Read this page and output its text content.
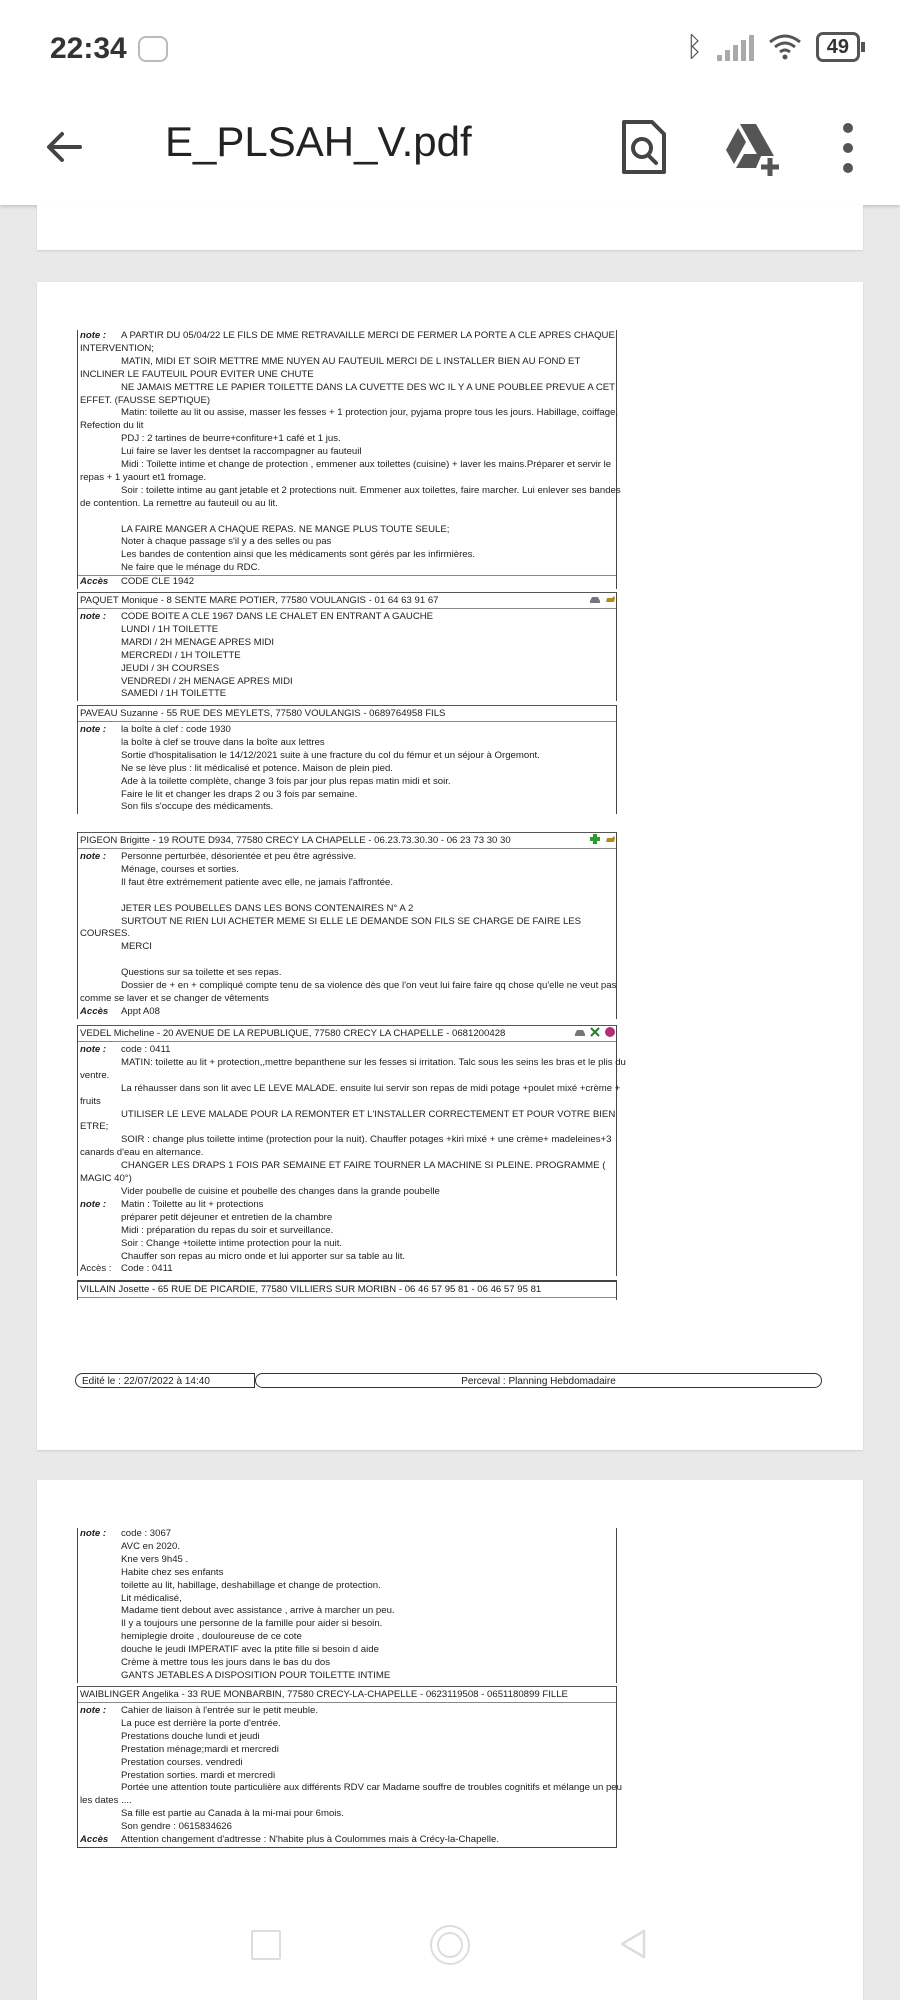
22:34	ᛒ	49
E_PLSAH_V.pdf
note : A PARTIR DU 05/04/22 LE FILS DE MME RETRAVAILLE MERCI DE FERMER LA PORTE A CLE APRES CHAQUE
INTERVENTION;
MATIN, MIDI ET SOIR METTRE MME NUYEN AU FAUTEUIL MERCI DE L INSTALLER BIEN AU FOND ET
INCLINER LE FAUTEUIL POUR EVITER UNE CHUTE
NE JAMAIS METTRE LE PAPIER TOILETTE DANS LA CUVETTE DES WC IL Y A UNE POUBLEE PREVUE A CET
EFFET. (FAUSSE SEPTIQUE)
Matin: toilette au lit ou assise, masser les fesses + 1 protection jour, pyjama propre tous les jours. Habillage, coiffage,
Refection du lit
PDJ : 2 tartines de beurre+confiture+1 café et 1 jus.
Lui faire se laver les dentset la raccompagner au fauteuil
Midi : Toilette intime et change de protection , emmener aux toilettes (cuisine) + laver les mains.Préparer et servir le
repas + 1 yaourt et1 fromage.
Soir : toilette intime au gant jetable et 2 protections nuit. Emmener aux toilettes, faire marcher. Lui enlever ses bandes
de contention. La remettre au fauteuil ou au lit.
LA FAIRE MANGER A CHAQUE REPAS. NE MANGE PLUS TOUTE SEULE;
Noter à chaque passage s'il y a des selles ou pas
Les bandes de contention ainsi que les médicaments sont gérés par les infirmières.
Ne faire que le ménage du RDC.
Accès CODE CLE 1942
PAQUET Monique - 8 SENTE MARE POTIER, 77580 VOULANGIS - 01 64 63 91 67
note : CODE BOITE A CLE 1967 DANS LE CHALET EN ENTRANT A GAUCHE
LUNDI / 1H TOILETTE
MARDI / 2H MENAGE APRES MIDI
MERCREDI / 1H TOILETTE
JEUDI / 3H COURSES
VENDREDI / 2H MENAGE APRES MIDI
SAMEDI / 1H TOILETTE
PAVEAU Suzanne - 55 RUE DES MEYLETS, 77580 VOULANGIS - 0689764958 FILS
note : la boîte à clef : code 1930
la boîte à clef se trouve dans la boîte aux lettres
Sortie d'hospitalisation le 14/12/2021 suite à une fracture du col du fémur et un séjour à Orgemont.
Ne se lève plus : lit médicalisé et potence. Maison de plein pied.
Ade à la toilette complète, change 3 fois par jour plus repas matin midi et soir.
Faire le lit et changer les draps 2 ou 3 fois par semaine.
Son fils s'occupe des médicaments.
PIGEON Brigitte - 19 ROUTE D934, 77580 CRECY LA CHAPELLE - 06.23.73.30.30 - 06 23 73 30 30
note : Personne perturbée, désorientée et peu être agréssive.
Ménage, courses et sorties.
Il faut être extrémement patiente avec elle, ne jamais l'affrontée.
JETER LES POUBELLES DANS LES BONS CONTENAIRES N° A 2
SURTOUT NE RIEN LUI ACHETER MEME SI ELLE LE DEMANDE SON FILS SE CHARGE DE FAIRE LES
COURSES.
MERCI
Questions sur sa toilette et ses repas.
Dossier de + en + compliqué compte tenu de sa violence dès que l'on veut lui faire faire qq chose qu'elle ne veut pas
comme se laver et se changer de vêtements
Accès Appt A08
VEDEL Micheline - 20 AVENUE DE LA REPUBLIQUE, 77580 CRECY LA CHAPELLE - 0681200428
note : code : 0411
MATIN: toilette au lit + protection,,mettre bepanthene sur les fesses si irritation. Talc sous les seins les bras et le plis du
ventre.
La réhausser dans son lit avec LE LEVE MALADE. ensuite lui servir son repas de midi potage +poulet mixé +crème +
fruits
UTILISER LE LEVE MALADE POUR LA REMONTER ET L'INSTALLER CORRECTEMENT ET POUR VOTRE BIEN
ETRE;
SOIR : change plus toilette intime (protection pour la nuit). Chauffer potages +kiri mixé + une crème+ madeleines+3
canards d'eau en alternance.
CHANGER LES DRAPS 1 FOIS PAR SEMAINE ET FAIRE TOURNER LA MACHINE SI PLEINE. PROGRAMME (
MAGIC 40°)
Vider poubelle de cuisine et poubelle des changes dans la grande poubelle
note : Matin : Toilette au lit + protections
préparer petit déjeuner et entretien de la chambre
Midi : préparation du repas du soir et surveillance.
Soir : Change +toilette intime protection pour la nuit.
Chauffer son repas au micro onde et lui apporter sur sa table au lit.
Accès : Code : 0411
VILLAIN Josette - 65 RUE DE PICARDIE, 77580 VILLIERS SUR MORIBN - 06 46 57 95 81 - 06 46 57 95 81
Edité le : 22/07/2022 à 14:40	Perceval : Planning Hebdomadaire
note : code : 3067
AVC en 2020.
Kne vers 9h45 .
Habite chez ses enfants
toilette au lit, habillage, deshabillage et change de protection.
Lit médicalisé,
Madame tient debout avec assistance , arrive à marcher un peu.
Il y a toujours une personne de la famille pour aider si besoin.
hemiplegie droite , douloureuse de ce cote
douche le jeudi IMPERATIF avec la ptite fille si besoin d aide
Crème à mettre tous les jours dans le bas du dos
GANTS JETABLES A DISPOSITION POUR TOILETTE INTIME
WAIBLINGER Angelika - 33 RUE MONBARBIN, 77580 CRECY-LA-CHAPELLE - 0623119508 - 0651180899 FILLE
note : Cahier de liaison à l'entrée sur le petit meuble.
La puce est derrière la porte d'entrée.
Prestations douche lundi et jeudi
Prestation ménage;mardi et mercredi
Prestation courses. vendredi
Prestation sorties. mardi et mercredi
Portée une attention toute particulière aux différents RDV car Madame souffre de troubles cognitifs et mélange un peu
les dates ....
Sa fille est partie au Canada à la mi-mai pour 6mois.
Son gendre : 0615834626
Accès Attention changement d'adtresse : N'habite plus à Coulommes mais à Crécy-la-Chapelle.
